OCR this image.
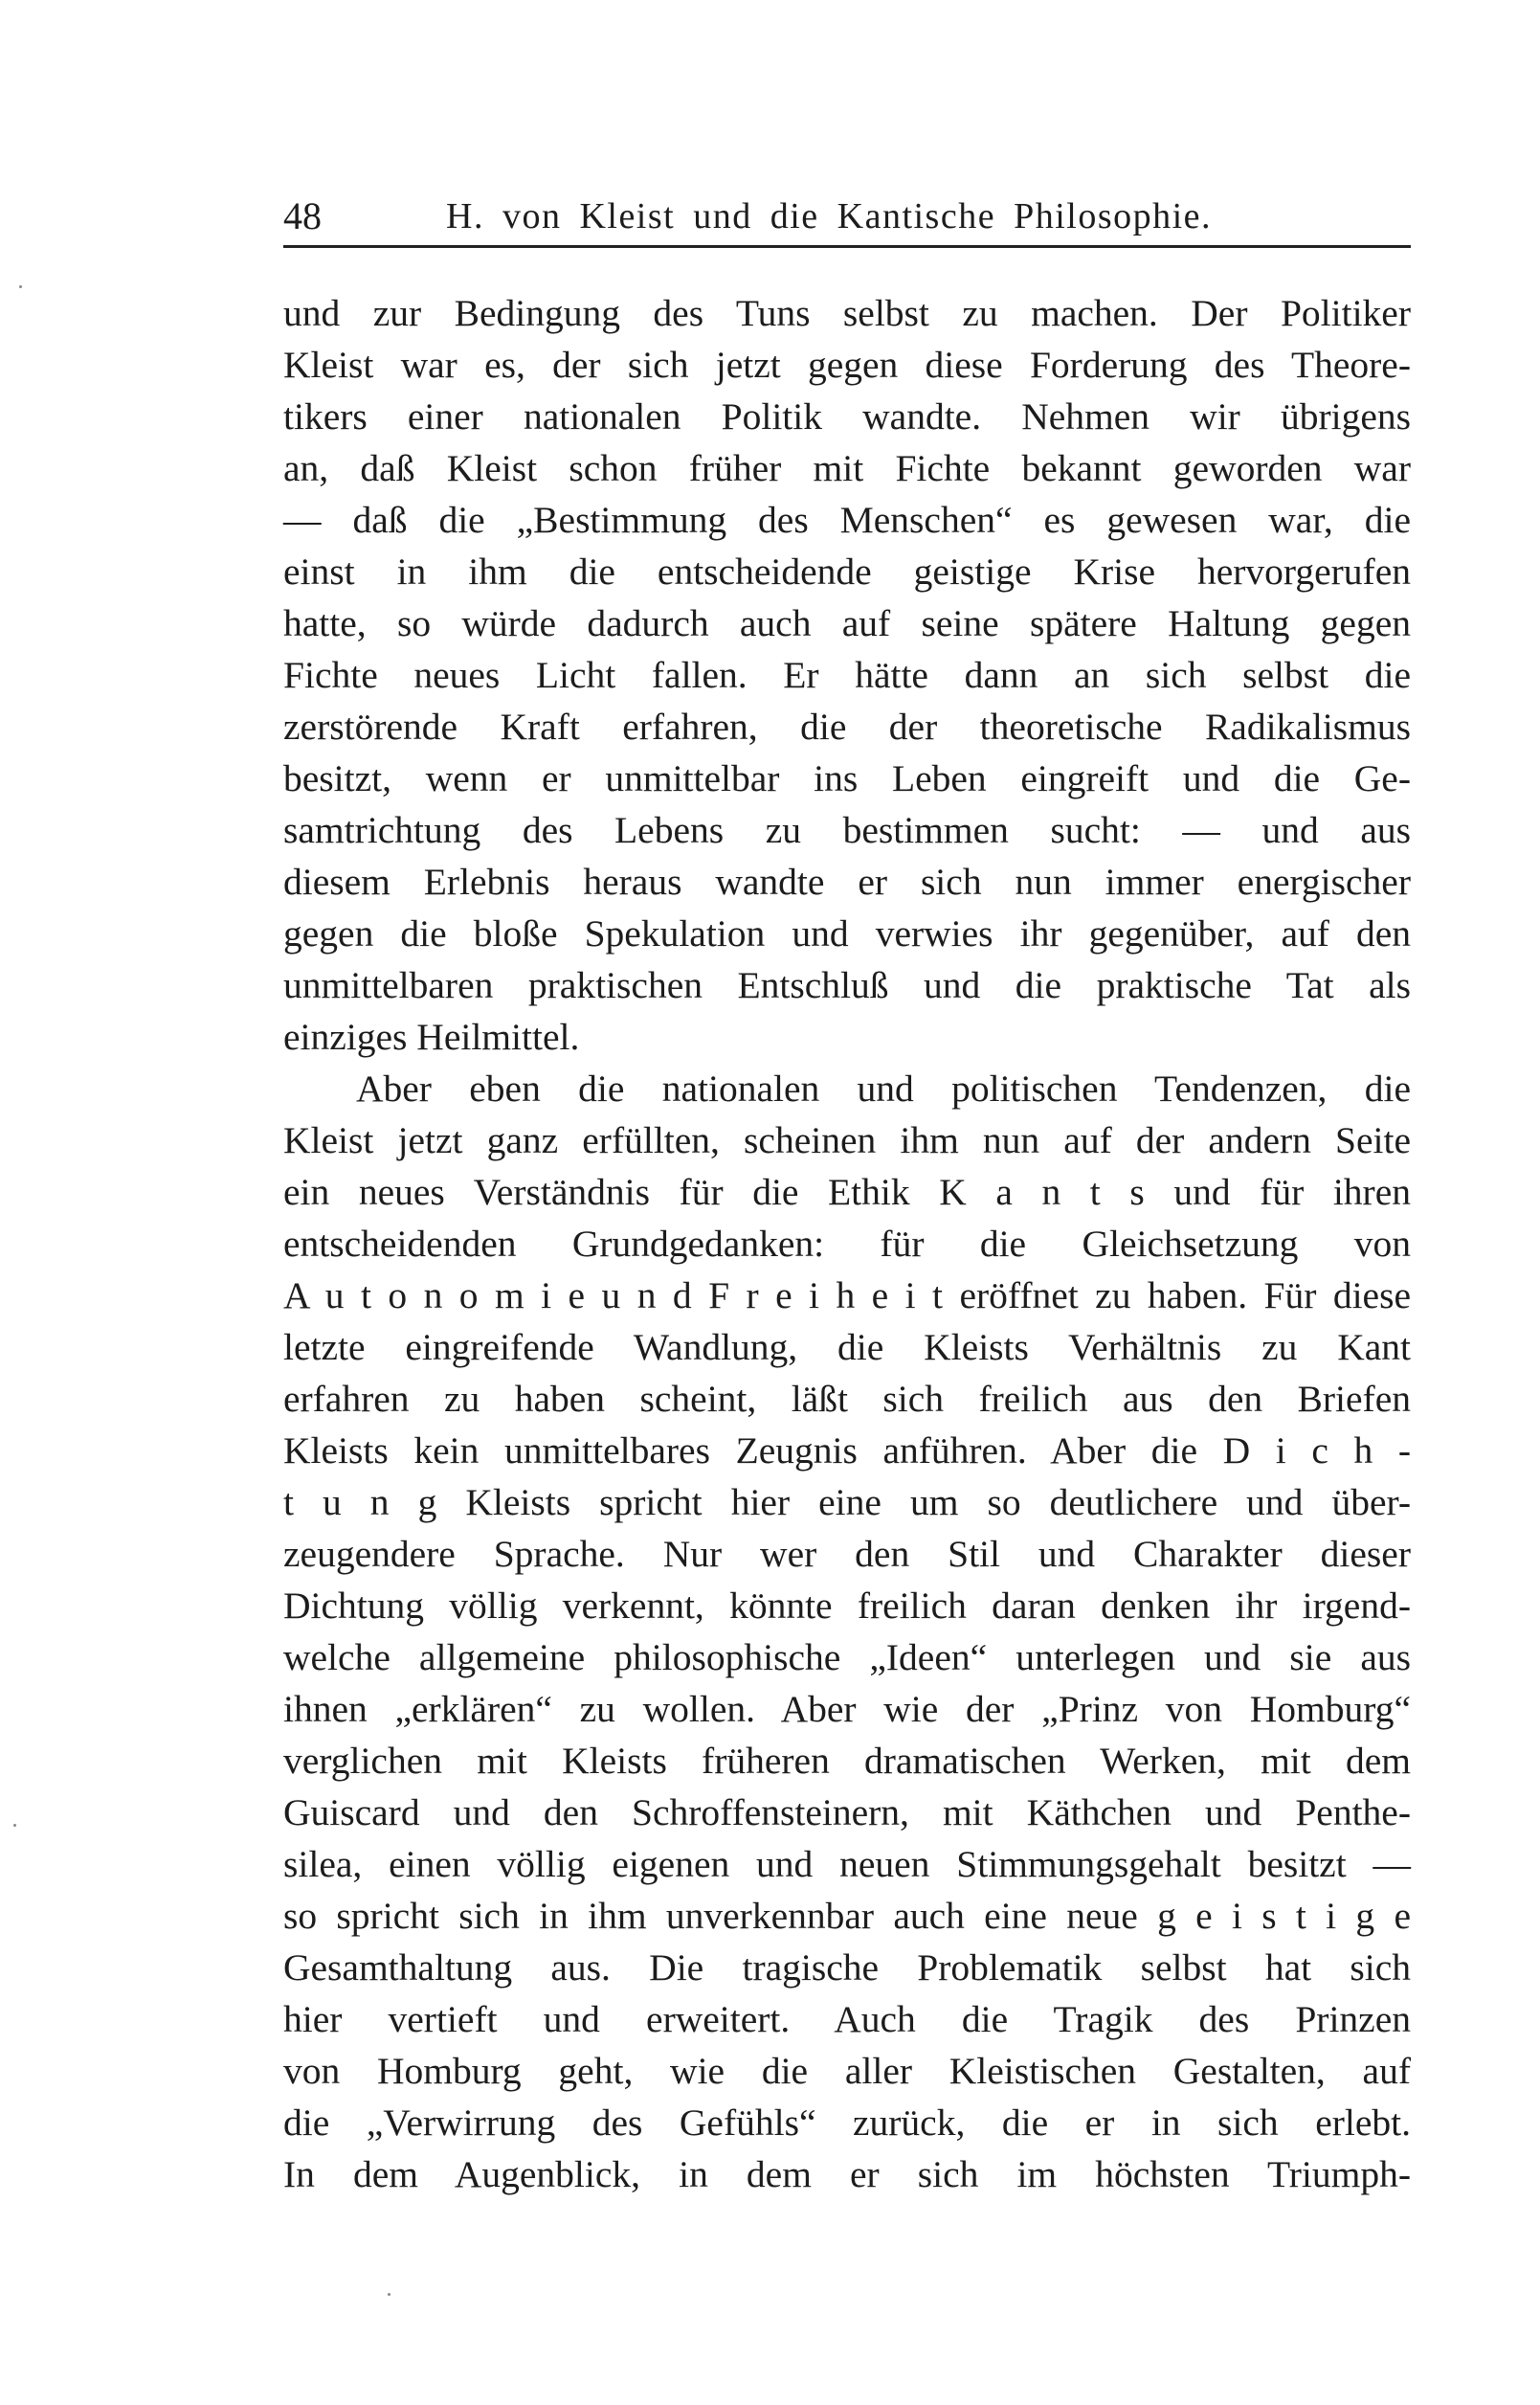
48	H. von Kleist und die Kantische Philosophie.
und zur Bedingung des Tuns selbst zu machen. Der Politiker
Kleist war es, der sich jetzt gegen diese Forderung des Theore-
tikers einer nationalen Politik wandte. Nehmen wir übrigens
an, daß Kleist schon früher mit Fichte bekannt geworden war
— daß die „Bestimmung des Menschen“ es gewesen war, die
einst in ihm die entscheidende geistige Krise hervorgerufen
hatte, so würde dadurch auch auf seine spätere Haltung gegen
Fichte neues Licht fallen. Er hätte dann an sich selbst die
zerstörende Kraft erfahren, die der theoretische Radikalismus
besitzt, wenn er unmittelbar ins Leben eingreift und die Ge-
samtrichtung des Lebens zu bestimmen sucht: — und aus
diesem Erlebnis heraus wandte er sich nun immer energischer
gegen die bloße Spekulation und verwies ihr gegenüber, auf den
unmittelbaren praktischen Entschluß und die praktische Tat als
einziges Heilmittel.
Aber eben die nationalen und politischen Tendenzen, die
Kleist jetzt ganz erfüllten, scheinen ihm nun auf der andern Seite
ein neues Verständnis für die Ethik K a n t s und für ihren
entscheidenden Grundgedanken: für die Gleichsetzung von
A u t o n o m i e u n d F r e i h e i t eröffnet zu haben. Für diese
letzte eingreifende Wandlung, die Kleists Verhältnis zu Kant
erfahren zu haben scheint, läßt sich freilich aus den Briefen
Kleists kein unmittelbares Zeugnis anführen. Aber die D i c h -
t u n g Kleists spricht hier eine um so deutlichere und über-
zeugendere Sprache. Nur wer den Stil und Charakter dieser
Dichtung völlig verkennt, könnte freilich daran denken ihr irgend-
welche allgemeine philosophische „Ideen“ unterlegen und sie aus
ihnen „erklären“ zu wollen. Aber wie der „Prinz von Homburg“
verglichen mit Kleists früheren dramatischen Werken, mit dem
Guiscard und den Schroffensteinern, mit Käthchen und Penthe-
silea, einen völlig eigenen und neuen Stimmungsgehalt besitzt —
so spricht sich in ihm unverkennbar auch eine neue g e i s t i g e
Gesamthaltung aus. Die tragische Problematik selbst hat sich
hier vertieft und erweitert. Auch die Tragik des Prinzen
von Homburg geht, wie die aller Kleistischen Gestalten, auf
die „Verwirrung des Gefühls“ zurück, die er in sich erlebt.
In dem Augenblick, in dem er sich im höchsten Triumph-
